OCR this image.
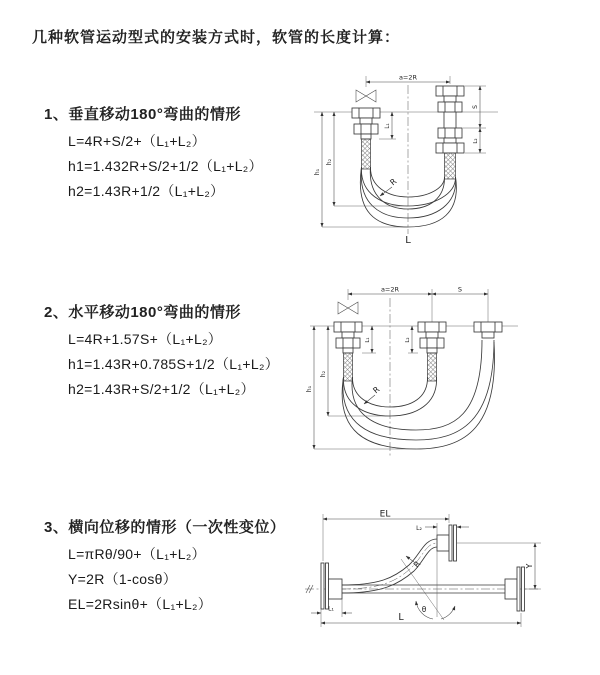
几种软管运动型式的安装方式时，软管的长度计算：
1、垂直移动180°弯曲的情形
L=4R+S/2+（L₁+L₂）
h1=1.432R+S/2+1/2（L₁+L₂）
h2=1.43R+1/2（L₁+L₂）
2、水平移动180°弯曲的情形
L=4R+1.57S+（L₁+L₂）
h1=1.43R+0.785S+1/2（L₁+L₂）
h2=1.43R+S/2+1/2（L₁+L₂）
3、横向位移的情形（一次性变位）
L=πRθ/90+（L₁+L₂）
Y=2R（1-cosθ）
EL=2Rsinθ+（L₁+L₂）
a=2R
L₁
S
L₂
h₁
h₂
R
L
a=2R	S
L₁	L₂
h₁
h₂
R
EL
L₂
Y
θ
R
L₁
L
